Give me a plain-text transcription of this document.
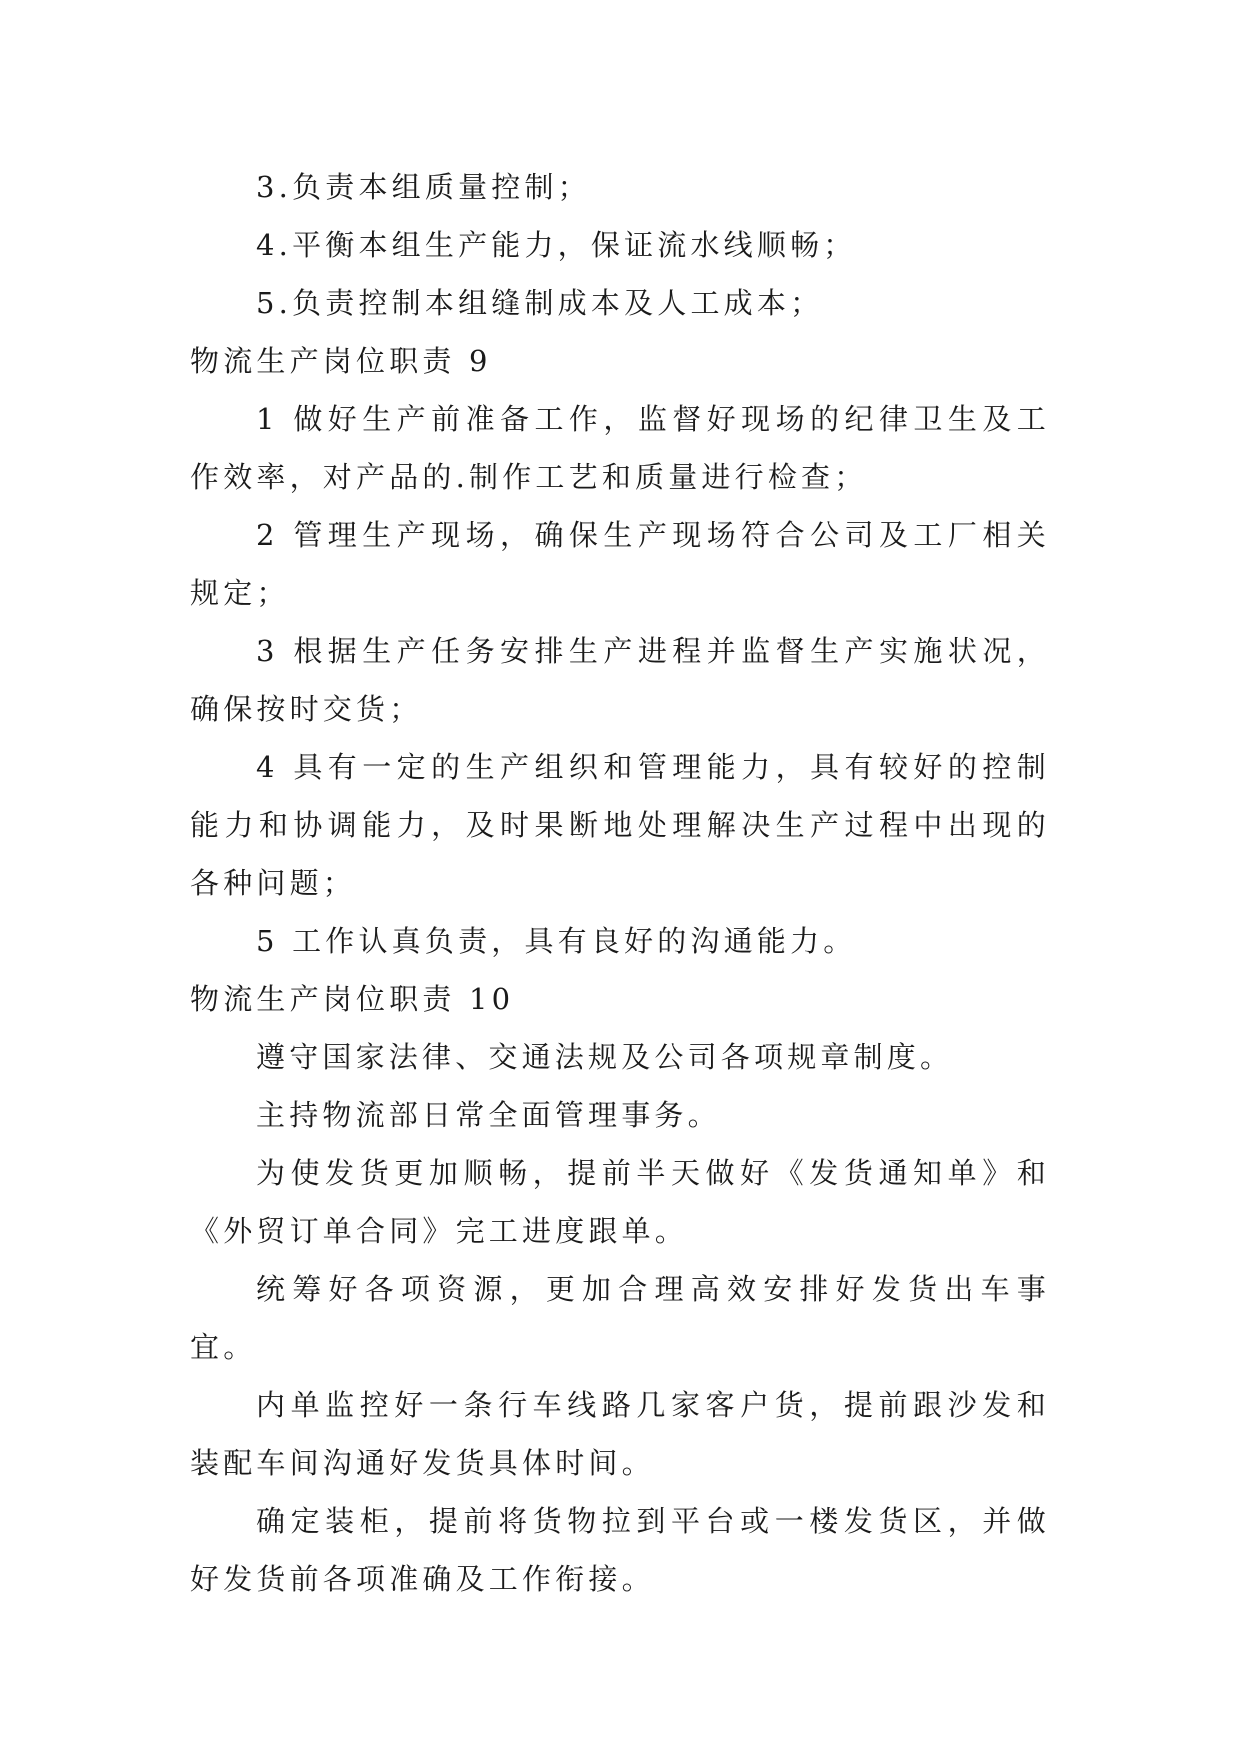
3.负责本组质量控制；

4.平衡本组生产能力，保证流水线顺畅；

5.负责控制本组缝制成本及人工成本；

物流生产岗位职责 9

1 做好生产前准备工作，监督好现场的纪律卫生及工作效率，对产品的.制作工艺和质量进行检查；

2 管理生产现场，确保生产现场符合公司及工厂相关规定；

3 根据生产任务安排生产进程并监督生产实施状况，确保按时交货；

4 具有一定的生产组织和管理能力，具有较好的控制能力和协调能力，及时果断地处理解决生产过程中出现的各种问题；

5 工作认真负责，具有良好的沟通能力。

物流生产岗位职责 10

遵守国家法律、交通法规及公司各项规章制度。

主持物流部日常全面管理事务。

为使发货更加顺畅，提前半天做好《发货通知单》和《外贸订单合同》完工进度跟单。

统筹好各项资源，更加合理高效安排好发货出车事宜。

内单监控好一条行车线路几家客户货，提前跟沙发和装配车间沟通好发货具体时间。

确定装柜，提前将货物拉到平台或一楼发货区，并做好发货前各项准确及工作衔接。
